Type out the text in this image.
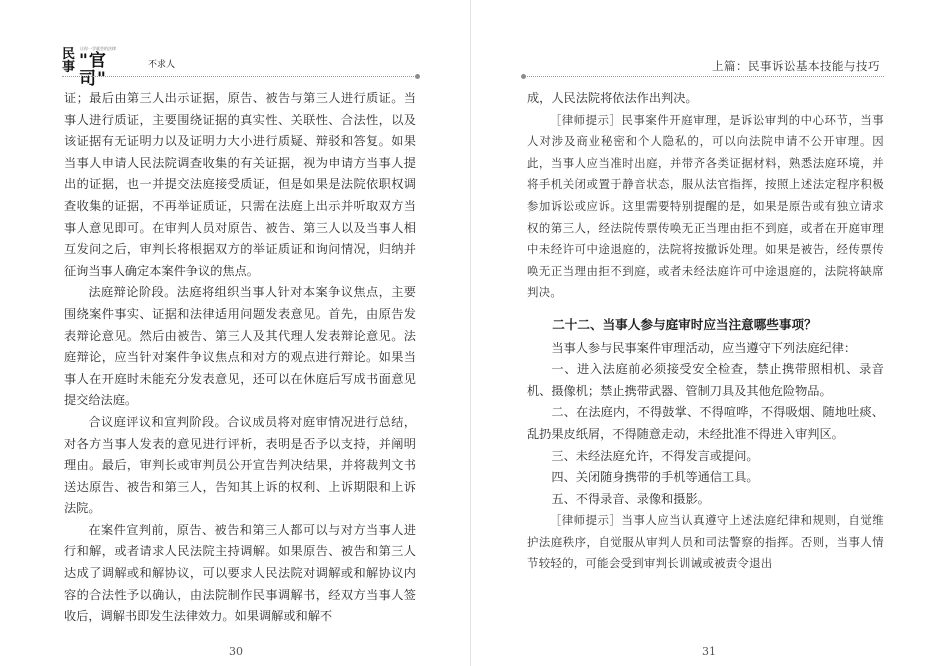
民事
让你一学就会的法律
"官司"
不求人

证；最后由第三人出示证据，原告、被告与第三人进行质证。当事人进行质证，主要围绕证据的真实性、关联性、合法性，以及该证据有无证明力以及证明力大小进行质疑、辩驳和答复。如果当事人申请人民法院调查收集的有关证据，视为申请方当事人提出的证据，也一并提交法庭接受质证，但是如果是法院依职权调查收集的证据，不再举证质证，只需在法庭上出示并听取双方当事人意见即可。在审判人员对原告、被告、第三人以及当事人相互发问之后，审判长将根据双方的举证质证和询问情况，归纳并征询当事人确定本案件争议的焦点。

法庭辩论阶段。法庭将组织当事人针对本案争议焦点，主要围绕案件事实、证据和法律适用问题发表意见。首先，由原告发表辩论意见。然后由被告、第三人及其代理人发表辩论意见。法庭辩论，应当针对案件争议焦点和对方的观点进行辩论。如果当事人在开庭时未能充分发表意见，还可以在休庭后写成书面意见提交给法庭。

合议庭评议和宣判阶段。合议成员将对庭审情况进行总结，对各方当事人发表的意见进行评析，表明是否予以支持，并阐明理由。最后，审判长或审判员公开宣告判决结果，并将裁判文书送达原告、被告和第三人，告知其上诉的权利、上诉期限和上诉法院。

在案件宣判前，原告、被告和第三人都可以与对方当事人进行和解，或者请求人民法院主持调解。如果原告、被告和第三人达成了调解或和解协议，可以要求人民法院对调解或和解协议内容的合法性予以确认，由法院制作民事调解书，经双方当事人签收后，调解书即发生法律效力。如果调解或和解不

30
上篇：民事诉讼基本技能与技巧

成，人民法院将依法作出判决。

［律师提示］民事案件开庭审理，是诉讼审判的中心环节，当事人对涉及商业秘密和个人隐私的，可以向法院申请不公开审理。因此，当事人应当准时出庭，并带齐各类证据材料，熟悉法庭环境，并将手机关闭或置于静音状态，服从法官指挥，按照上述法定程序积极参加诉讼或应诉。这里需要特别提醒的是，如果是原告或有独立请求权的第三人，经法院传票传唤无正当理由拒不到庭，或者在开庭审理中未经许可中途退庭的，法院将按撤诉处理。如果是被告，经传票传唤无正当理由拒不到庭，或者未经法庭许可中途退庭的，法院将缺席判决。

二十二、当事人参与庭审时应当注意哪些事项？

当事人参与民事案件审理活动，应当遵守下列法庭纪律：

一、进入法庭前必须接受安全检查，禁止携带照相机、录音机、摄像机；禁止携带武器、管制刀具及其他危险物品。

二、在法庭内，不得鼓掌、不得喧哗，不得吸烟、随地吐痰、乱扔果皮纸屑，不得随意走动，未经批准不得进入审判区。

三、未经法庭允许，不得发言或提问。

四、关闭随身携带的手机等通信工具。

五、不得录音、录像和摄影。

［律师提示］当事人应当认真遵守上述法庭纪律和规则，自觉维护法庭秩序，自觉服从审判人员和司法警察的指挥。否则，当事人情节较轻的，可能会受到审判长训诫或被责令退出

31
